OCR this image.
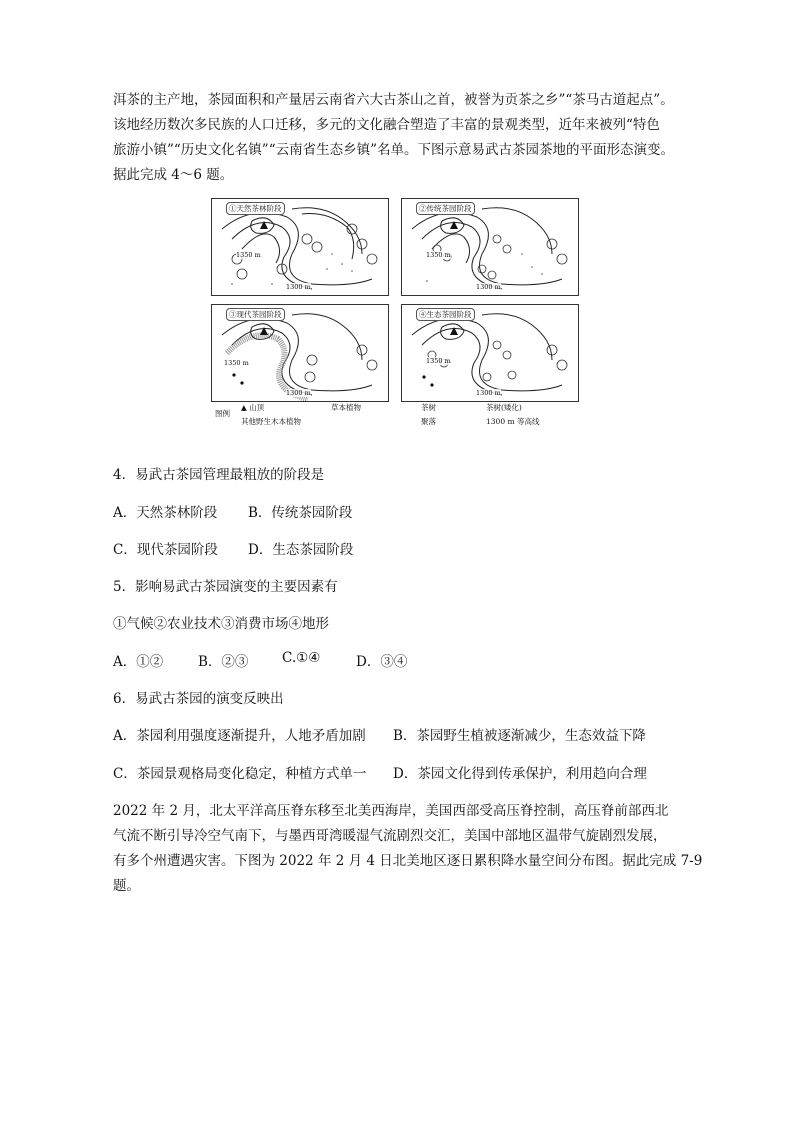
洱茶的主产地，茶园面积和产量居云南省六大古茶山之首，被誉为贡茶之乡”“茶马古道起点”。
该地经历数次多民族的人口迁移，多元的文化融合塑造了丰富的景观类型，近年来被列“特色
旅游小镇”“历史文化名镇”“云南省生态乡镇”名单。下图示意易武古茶园茶地的平面形态演变。
据此完成 4～6 题。
①天然茶林阶段
1350 m
1300 m
②传统茶园阶段
1350 m
1300 m
③现代茶园阶段
1350 m
1300 m
④生态茶园阶段
1350 m
1300 m
图例
▲ 山顶	草本植物	茶树	茶树(矮化)
其他野生木本植物	聚落	1300 m 等高线
4．易武古茶园管理最粗放的阶段是
A．天然茶林阶段 B．传统茶园阶段
C．现代茶园阶段 D．生态茶园阶段
5．影响易武古茶园演变的主要因素有
①气候②农业技术③消费市场④地形
A．①②	B．②③ C.①④	D．③④
6．易武古茶园的演变反映出
A．茶园利用强度逐渐提升，人地矛盾加剧 B．茶园野生植被逐渐减少，生态效益下降
C．茶园景观格局变化稳定，种植方式单一 D．茶园文化得到传承保护，利用趋向合理
2022 年 2 月，北太平洋高压脊东移至北美西海岸，美国西部受高压脊控制，高压脊前部西北
气流不断引导冷空气南下，与墨西哥湾暖湿气流剧烈交汇，美国中部地区温带气旋剧烈发展，
有多个州遭遇灾害。下图为 2022 年 2 月 4 日北美地区逐日累积降水量空间分布图。据此完成 7-9
题。
